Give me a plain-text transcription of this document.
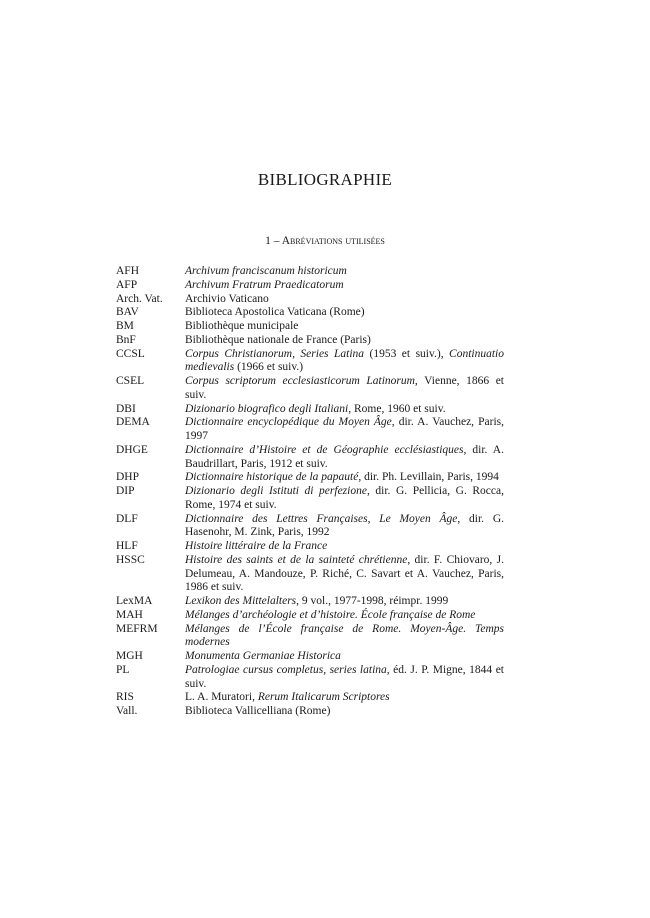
BIBLIOGRAPHIE
1 – Abréviations utilisées
AFH	Archivum franciscanum historicum
AFP	Archivum Fratrum Praedicatorum
Arch. Vat.	Archivio Vaticano
BAV	Biblioteca Apostolica Vaticana (Rome)
BM	Bibliothèque municipale
BnF	Bibliothèque nationale de France (Paris)
CCSL	Corpus Christianorum, Series Latina (1953 et suiv.), Continuatio medievalis (1966 et suiv.)
CSEL	Corpus scriptorum ecclesiasticorum Latinorum, Vienne, 1866 et suiv.
DBI	Dizionario biografico degli Italiani, Rome, 1960 et suiv.
DEMA	Dictionnaire encyclopédique du Moyen Âge, dir. A. Vauchez, Paris, 1997
DHGE	Dictionnaire d’Histoire et de Géographie ecclésiastiques, dir. A. Baudrillart, Paris, 1912 et suiv.
DHP	Dictionnaire historique de la papauté, dir. Ph. Levillain, Paris, 1994
DIP	Dizionario degli Istituti di perfezione, dir. G. Pellicia, G. Rocca, Rome, 1974 et suiv.
DLF	Dictionnaire des Lettres Françaises, Le Moyen Âge, dir. G. Hasenohr, M. Zink, Paris, 1992
HLF	Histoire littéraire de la France
HSSC	Histoire des saints et de la sainteté chrétienne, dir. F. Chiovaro, J. Delumeau, A. Mandouze, P. Riché, C. Savart et A. Vauchez, Paris, 1986 et suiv.
LexMA	Lexikon des Mittelalters, 9 vol., 1977-1998, réimpr. 1999
MAH	Mélanges d’archéologie et d’histoire. École française de Rome
MEFRM	Mélanges de l’École française de Rome. Moyen-Âge. Temps modernes
MGH	Monumenta Germaniae Historica
PL	Patrologiae cursus completus, series latina, éd. J. P. Migne, 1844 et suiv.
RIS	L. A. Muratori, Rerum Italicarum Scriptores
Vall.	Biblioteca Vallicelliana (Rome)
